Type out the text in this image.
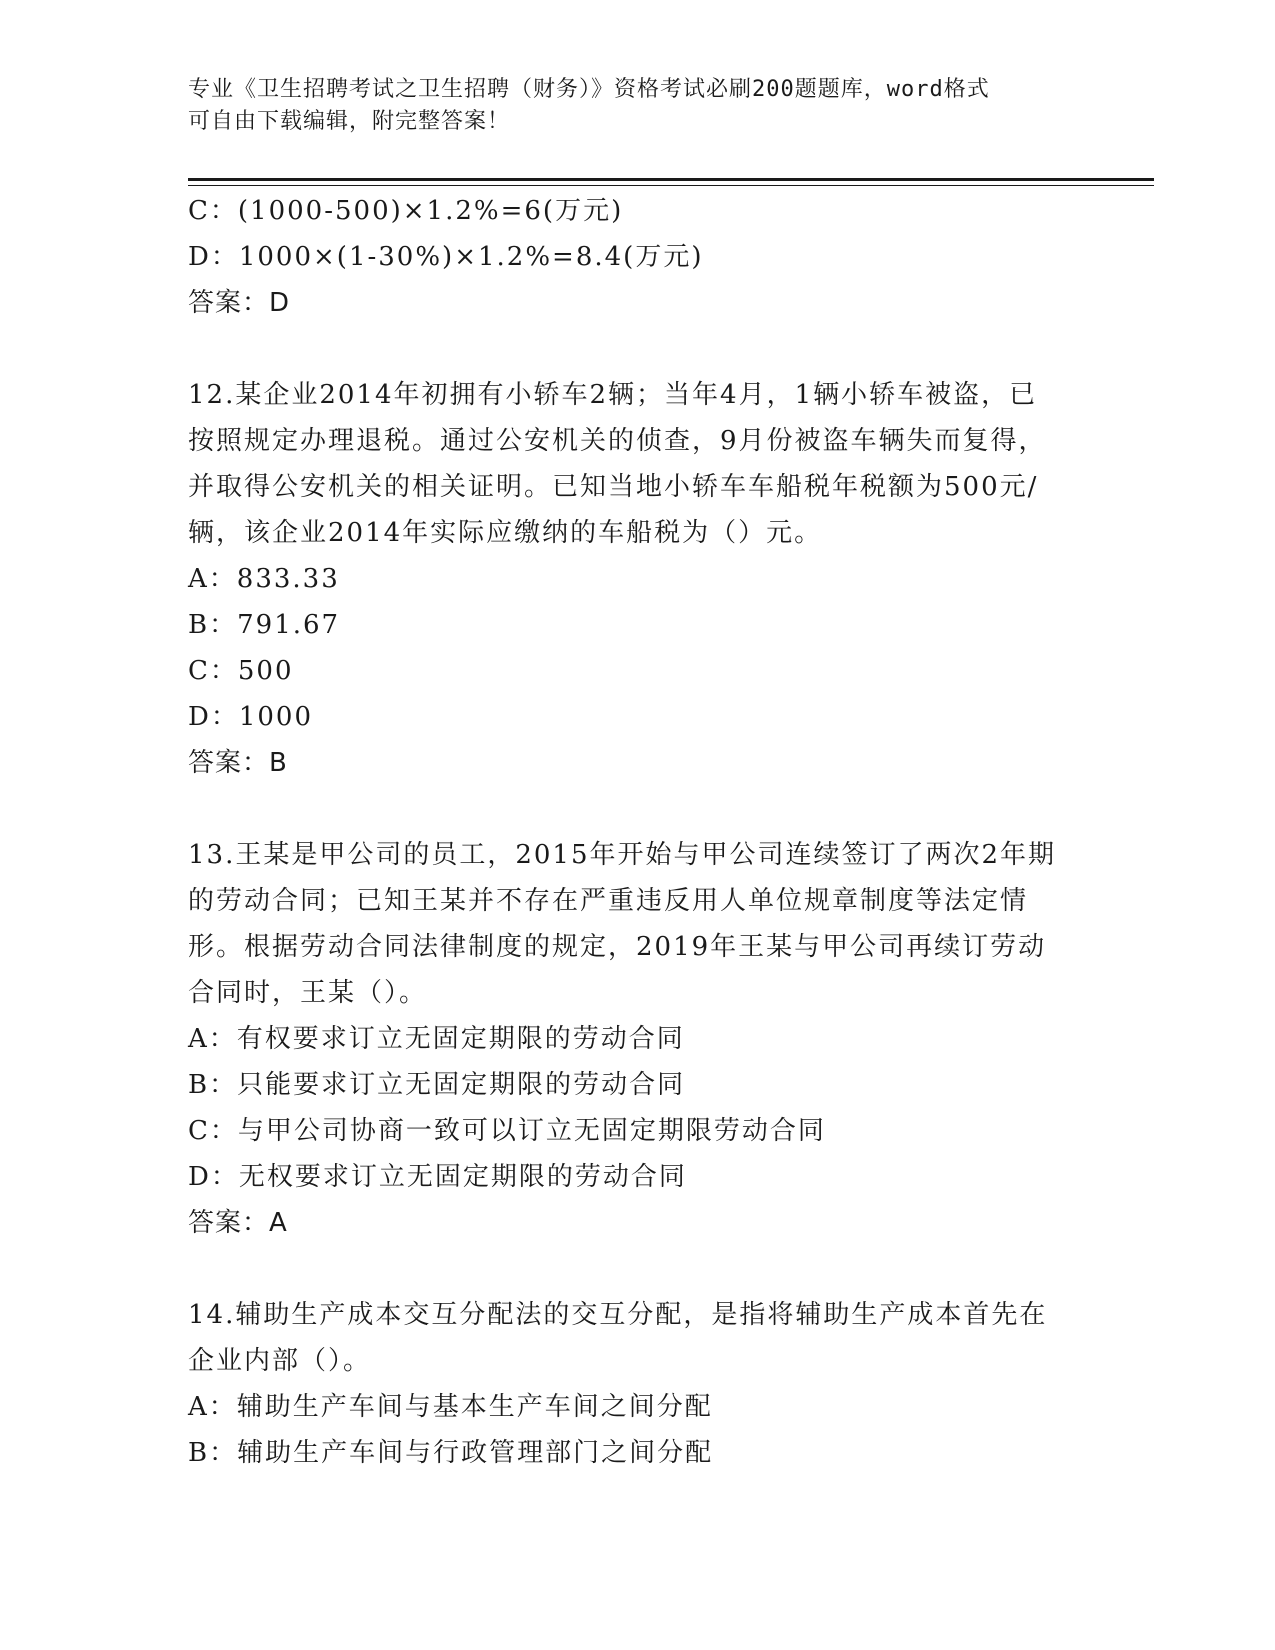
专业《卫生招聘考试之卫生招聘（财务）》资格考试必刷200题题库，word格式
可自由下载编辑，附完整答案！
C：(1000-500)×1.2%=6(万元)
D：1000×(1-30%)×1.2%=8.4(万元)
答案：D
12.某企业2014年初拥有小轿车2辆；当年4月，1辆小轿车被盗，已
按照规定办理退税。通过公安机关的侦查，9月份被盗车辆失而复得，
并取得公安机关的相关证明。已知当地小轿车车船税年税额为500元/
辆，该企业2014年实际应缴纳的车船税为（）元。
A：833.33
B：791.67
C：500
D：1000
答案：B
13.王某是甲公司的员工，2015年开始与甲公司连续签订了两次2年期
的劳动合同；已知王某并不存在严重违反用人单位规章制度等法定情
形。根据劳动合同法律制度的规定，2019年王某与甲公司再续订劳动
合同时，王某（）。
A：有权要求订立无固定期限的劳动合同
B：只能要求订立无固定期限的劳动合同
C：与甲公司协商一致可以订立无固定期限劳动合同
D：无权要求订立无固定期限的劳动合同
答案：A
14.辅助生产成本交互分配法的交互分配，是指将辅助生产成本首先在
企业内部（）。
A：辅助生产车间与基本生产车间之间分配
B：辅助生产车间与行政管理部门之间分配
